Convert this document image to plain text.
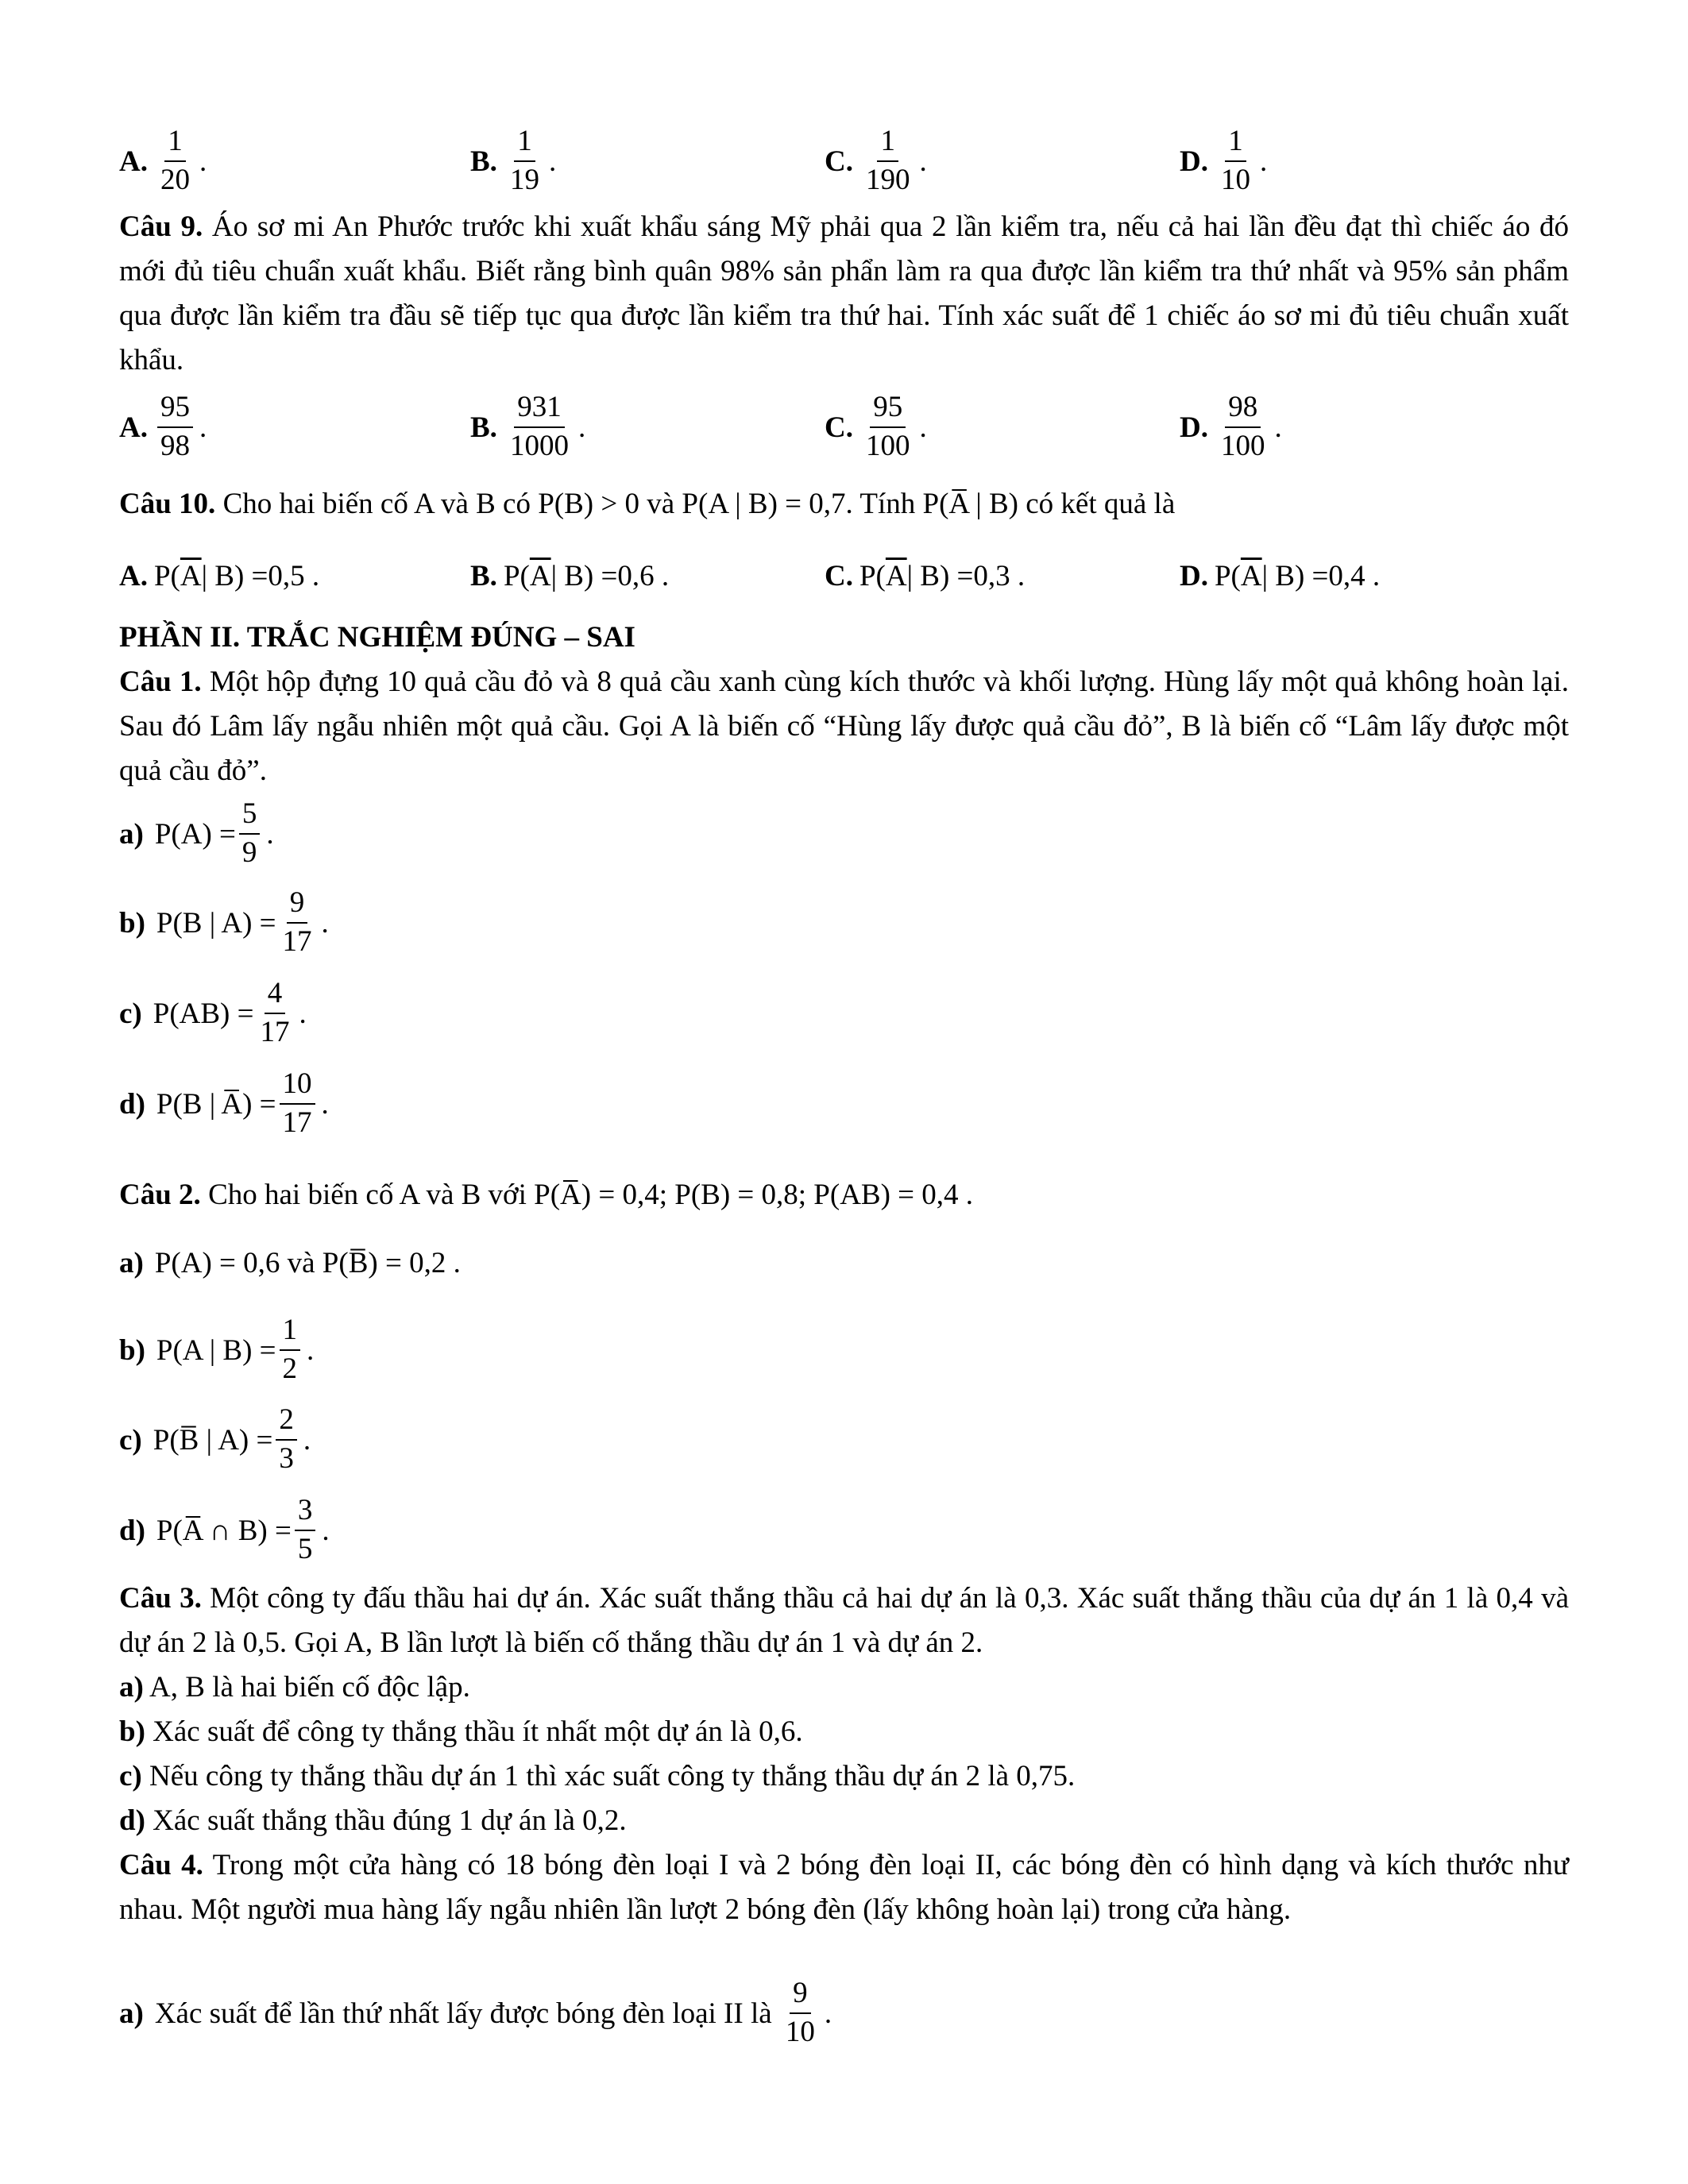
A. $\frac{1}{20}$ .	B. $\frac{1}{19}$ .	C. $\frac{1}{190}$ .	D. $\frac{1}{10}$ .

Câu 9. Áo sơ mi An Phước trước khi xuất khẩu sáng Mỹ phải qua 2 lần kiểm tra, nếu cả hai lần đều đạt thì chiếc áo đó mới đủ tiêu chuẩn xuất khẩu. Biết rằng bình quân 98% sản phẩn làm ra qua được lần kiểm tra thứ nhất và 95% sản phẩm qua được lần kiểm tra đầu sẽ tiếp tục qua được lần kiểm tra thứ hai. Tính xác suất để 1 chiếc áo sơ mi đủ tiêu chuẩn xuất khẩu.

A. $\frac{95}{98}$ .	B. $\frac{931}{1000}$ .	C. $\frac{95}{100}$ .	D. $\frac{98}{100}$ .
Câu 10.
Cho hai biến cố A và B có P(B) > 0 và
P(A | B) = 0,7 . Tính
P(A̅ | B)
có kết quả là
A. P( $\overline{A}$ | B) = 0,5 .	B. P( $\overline{A}$ | B) = 0,6 .	C. P( $\overline{A}$ | B) = 0,3 .	D. P( $\overline{A}$ | B) = 0,4 .
PHẦN II. TRẮC NGHIỆM ĐÚNG – SAI

Câu 1. Một hộp đựng 10 quả cầu đỏ và 8 quả cầu xanh cùng kích thước và khối lượng. Hùng lấy một quả không hoàn lại. Sau đó Lâm lấy ngẫu nhiên một quả cầu. Gọi A là biến cố “Hùng lấy được quả cầu đỏ”, B là biến cố “Lâm lấy được một quả cầu đỏ”.

a) $P(A) = \frac{5}{9}$ .
b) P(B | $A) = \frac{9}{17}$ .
c) $P(AB) = \frac{4}{17}$ .
d) P(B | A̅) = $\frac{10}{17}$ .
Câu 2.
Cho hai biến cố A và B với
P(A̅) = 0,4; P(B) = 0,8; P(AB) = 0,4 .
a) P(A) = 0,6 và P(B̅) = 0,2 .
b) P(A | $B) = \frac{1}{2}$ .
c) P(B̅ | $A) = \frac{2}{3}$ .
d) P(A̅ ∩ $B) = \frac{3}{5}$ .

Câu 3. Một công ty đấu thầu hai dự án. Xác suất thắng thầu cả hai dự án là 0,3. Xác suất thắng thầu của dự án 1 là 0,4 và dự án 2 là 0,5. Gọi A, B lần lượt là biến cố thắng thầu dự án 1 và dự án 2.

a) A, B là hai biến cố độc lập.
b) Xác suất để công ty thắng thầu ít nhất một dự án là 0,6.
c) Nếu công ty thắng thầu dự án 1 thì xác suất công ty thắng thầu dự án 2 là 0,75.
d) Xác suất thắng thầu đúng 1 dự án là 0,2.

Câu 4. Trong một cửa hàng có 18 bóng đèn loại I và 2 bóng đèn loại II, các bóng đèn có hình dạng và kích thước như nhau. Một người mua hàng lấy ngẫu nhiên lần lượt 2 bóng đèn (lấy không hoàn lại) trong cửa hàng.

a) Xác suất để lần thứ nhất lấy được bóng đèn loại II là
$\frac{9}{10}$ .
